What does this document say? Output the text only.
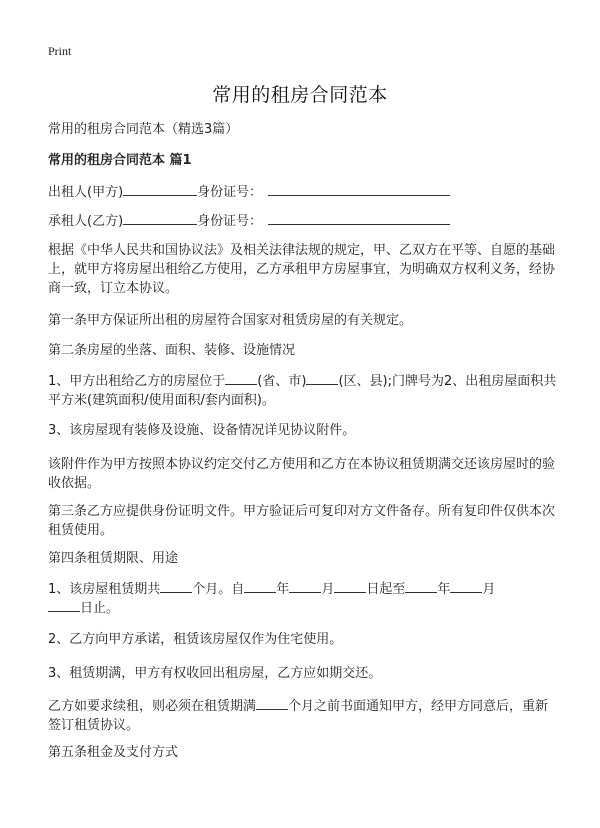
Print
常用的租房合同范本
常用的租房合同范本（精选3篇）
常用的租房合同范本 篇1
出租人(甲方)	身份证号：
承租人(乙方)	身份证号：
根据《中华人民共和国协议法》及相关法律法规的规定，甲、乙双方在平等、自愿的基础上，就甲方将房屋出租给乙方使用，乙方承租甲方房屋事宜，为明确双方权利义务，经协商一致，订立本协议。
第一条甲方保证所出租的房屋符合国家对租赁房屋的有关规定。
第二条房屋的坐落、面积、装修、设施情况
1、甲方出租给乙方的房屋位于 (省、市) (区、县);门牌号为2、出租房屋面积共平方米(建筑面积/使用面积/套内面积)。
3、该房屋现有装修及设施、设备情况详见协议附件。
该附件作为甲方按照本协议约定交付乙方使用和乙方在本协议租赁期满交还该房屋时的验收依据。
第三条乙方应提供身份证明文件。甲方验证后可复印对方文件备存。所有复印件仅供本次租赁使用。
第四条租赁期限、用途
1、该房屋租赁期共 个月。自 年 月 日起至 年 月
日止。
2、乙方向甲方承诺，租赁该房屋仅作为住宅使用。
3、租赁期满，甲方有权收回出租房屋，乙方应如期交还。
乙方如要求续租，则必须在租赁期满 个月之前书面通知甲方，经甲方同意后，重新签订租赁协议。
第五条租金及支付方式
